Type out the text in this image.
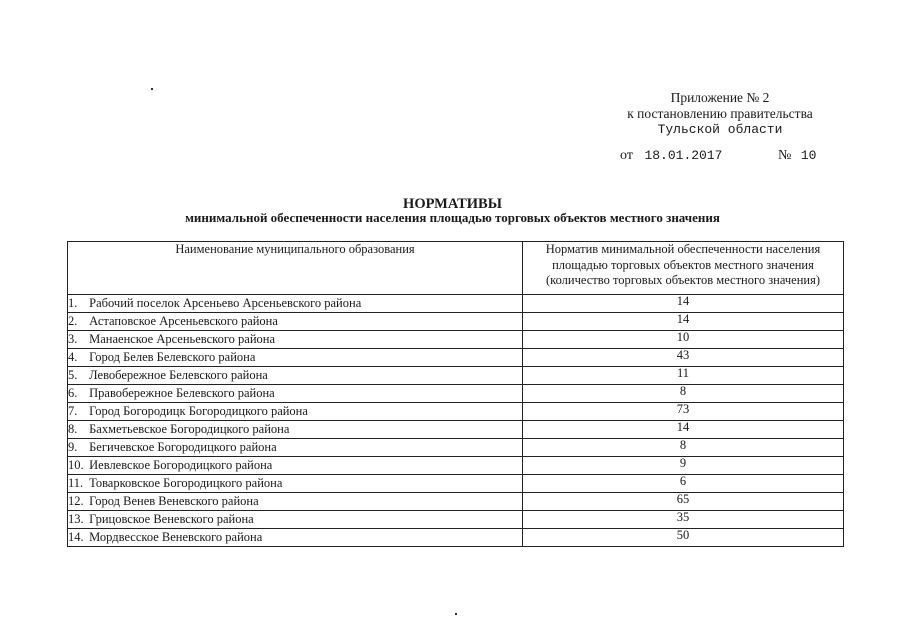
Приложение № 2
к постановлению правительства
Тульской области
от 18.01.2017	№ 10
НОРМАТИВЫ
минимальной обеспеченности населения площадью торговых объектов местного значения
Наименование муниципального образования	Норматив минимальной обеспеченности населения
площадью торговых объектов местного значения
(количество торговых объектов местного значения)

1. Рабочий поселок Арсеньево Арсеньевского района	14
2. Астаповское Арсеньевского района	14
3. Манаенское Арсеньевского района	10
4. Город Белев Белевского района	43
5. Левобережное Белевского района	11
6. Правобережное Белевского района	8
7. Город Богородицк Богородицкого района	73
8. Бахметьевское Богородицкого района	14
9. Бегичевское Богородицкого района	8
10. Иевлевское Богородицкого района	9
11. Товарковское Богородицкого района	6
12. Город Венев Веневского района	65
13. Грицовское Веневского района	35
14. Мордвесское Веневского района	50
